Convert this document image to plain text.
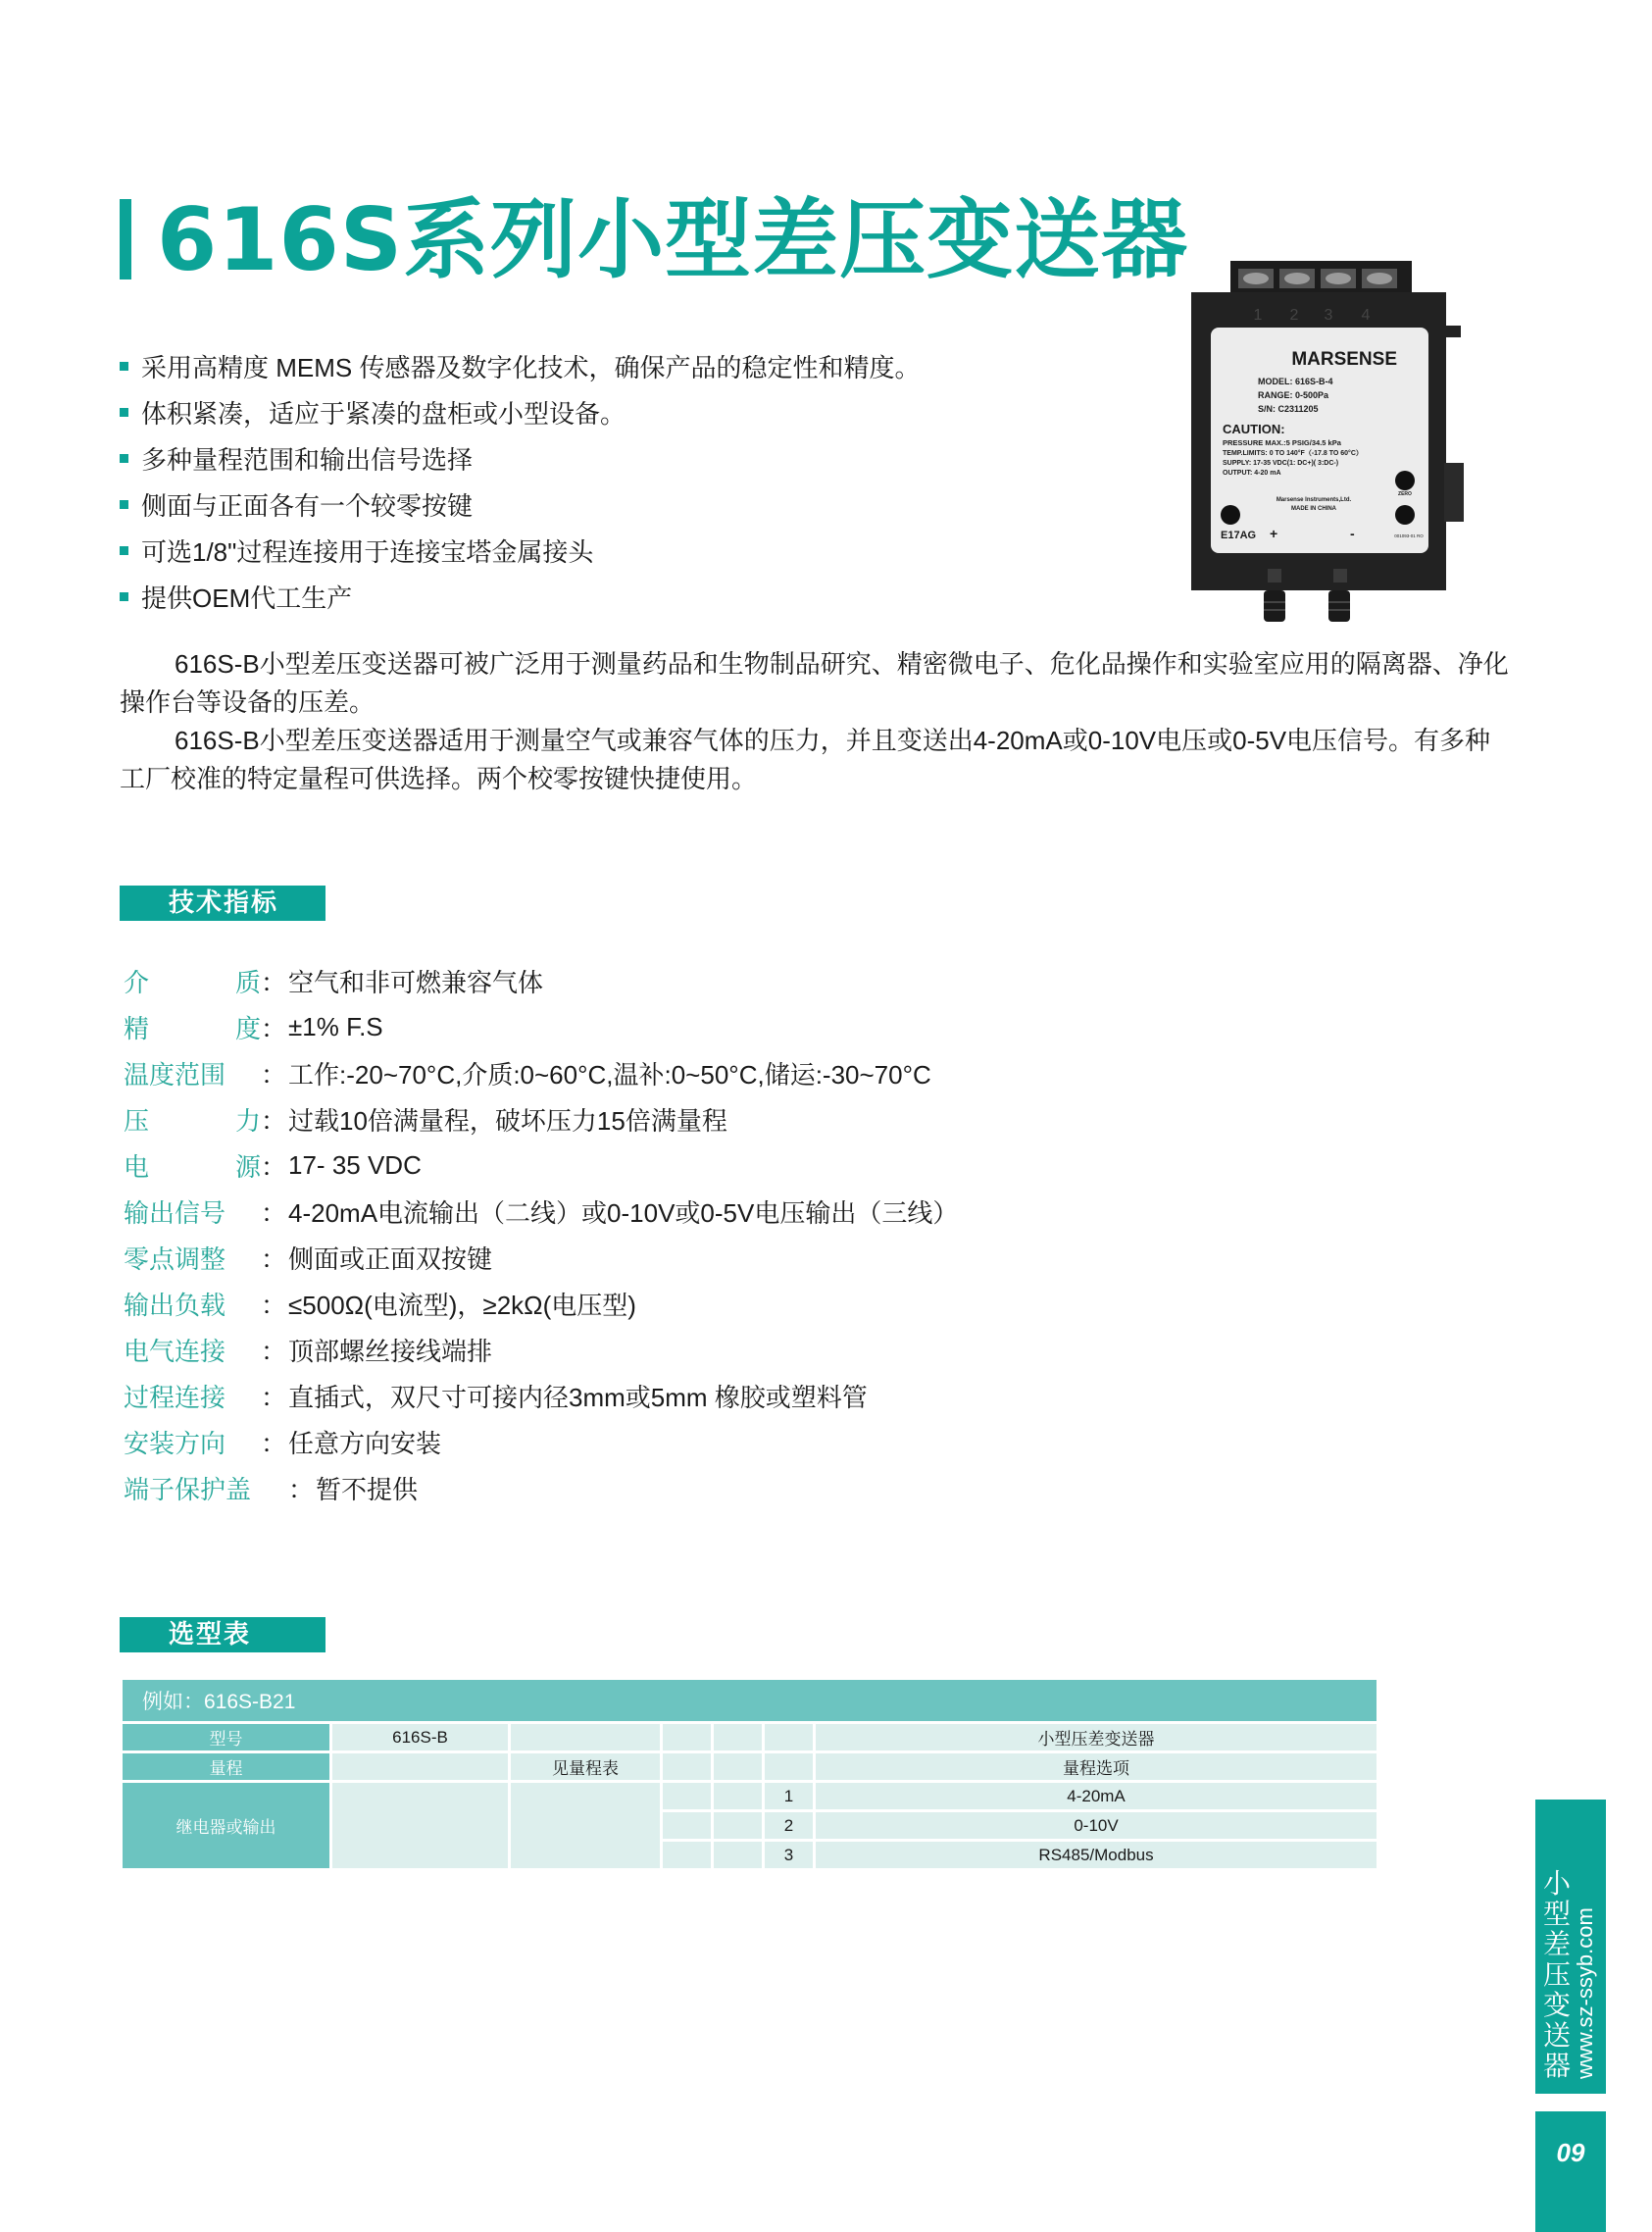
616S系列小型差压变送器
采用高精度 MEMS 传感器及数字化技术，确保产品的稳定性和精度。
体积紧凑，适应于紧凑的盘柜或小型设备。
多种量程范围和输出信号选择
侧面与正面各有一个较零按键
可选1/8"过程连接用于连接宝塔金属接头
提供OEM代工生产
1 2 3 4
MARSENSE
MODEL: 616S-B-4
RANGE: 0-500Pa
S/N: C2311205
CAUTION:
PRESSURE MAX.:5 PSIG/34.5 kPa
TEMP.LIMITS: 0 TO 140°F（-17.8 TO 60°C）
SUPPLY: 17-35 VDC(1: DC+)( 3:DC-)
OUTPUT: 4-20 mA
ZERO
Marsense Instruments,Ltd.
MADE IN CHINA
E17AG +	-	001093-01 RO

616S-B小型差压变送器可被广泛用于测量药品和生物制品研究、精密微电子、危化品操作和实验室应用的隔离器、净化操作台等设备的压差。

616S-B小型差压变送器适用于测量空气或兼容气体的压力，并且变送出4-20mA或0-10V电压或0-5V电压信号。有多种工厂校准的特定量程可供选择。两个校零按键快捷使用。

技术指标
介	质 ： 空气和非可燃兼容气体
精	度 ： ±1% F.S
温度范围 ： 工作:-20~70°C,介质:0~60°C,温补:0~50°C,储运:-30~70°C
压	力 ： 过载10倍满量程，破坏压力15倍满量程
电	源 ： 17- 35 VDC
输出信号 ： 4-20mA电流输出（二线）或0-10V或0-5V电压输出（三线）
零点调整 ： 侧面或正面双按键
输出负载 ： ≤500Ω(电流型)，≥2kΩ(电压型)
电气连接 ： 顶部螺丝接线端排
过程连接 ： 直插式，双尺寸可接内径3mm或5mm 橡胶或塑料管
安装方向 ： 任意方向安装
端子保护盖 ： 暂不提供
选型表
例如：616S-B21						
型号	616S-B					小型压差变送器
量程		见量程表				量程选项
继电器或输出					1	4-20mA
					2	0-10V
					3	RS485/Modbus
小
型
差
压
变
送
器 www.sz-ssyb.com
09
